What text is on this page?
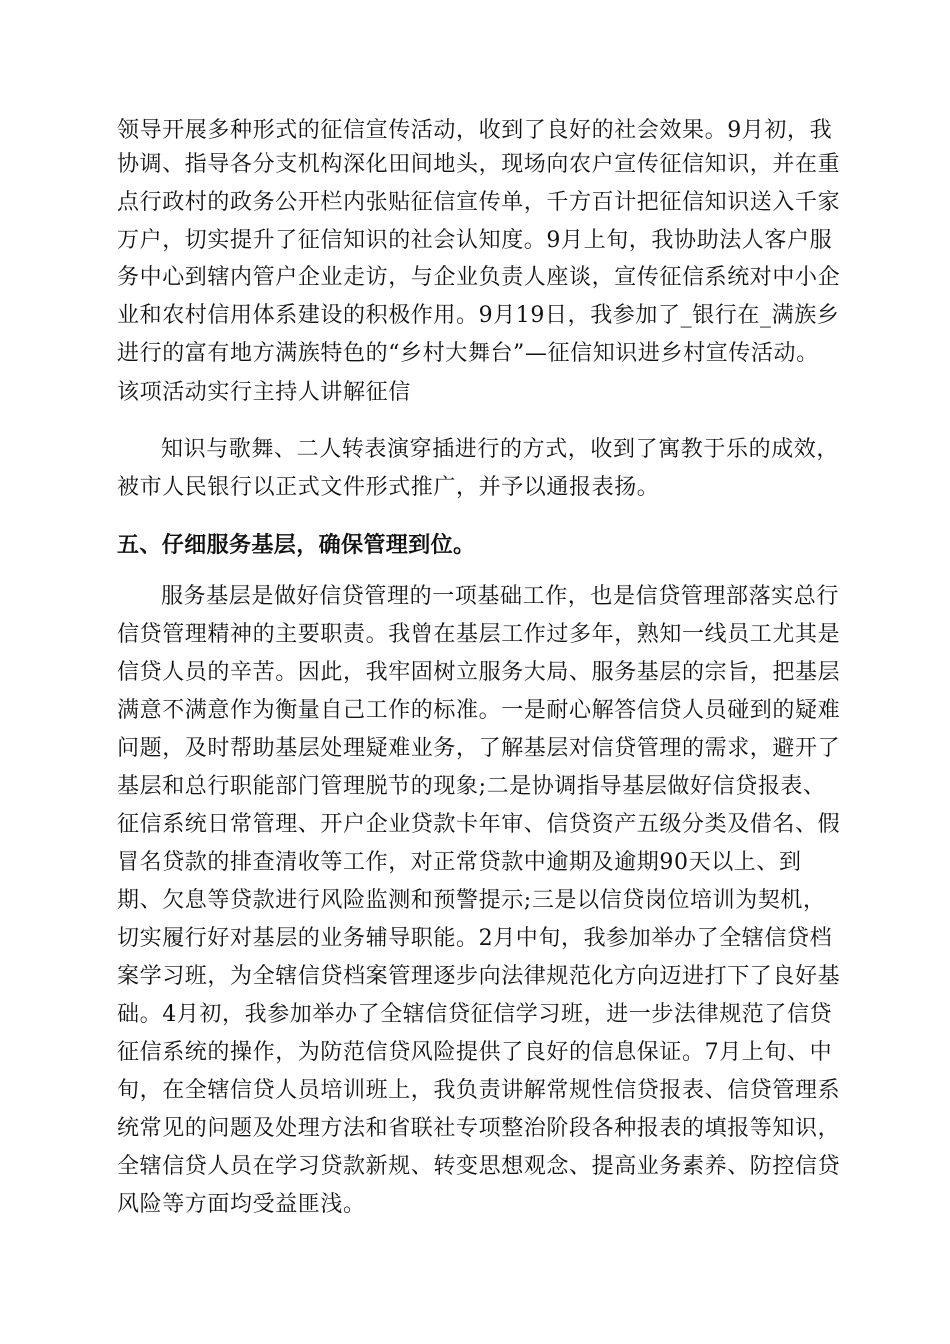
领导开展多种形式的征信宣传活动，收到了良好的社会效果。9月初，我
协调、指导各分支机构深化田间地头，现场向农户宣传征信知识，并在重
点行政村的政务公开栏内张贴征信宣传单，千方百计把征信知识送入千家
万户，切实提升了征信知识的社会认知度。9月上旬，我协助法人客户服
务中心到辖内管户企业走访，与企业负责人座谈，宣传征信系统对中小企
业和农村信用体系建设的积极作用。9月19日，我参加了_银行在_满族乡
进行的富有地方满族特色的“乡村大舞台”—征信知识进乡村宣传活动。
该项活动实行主持人讲解征信
知识与歌舞、二人转表演穿插进行的方式，收到了寓教于乐的成效，
被市人民银行以正式文件形式推广，并予以通报表扬。
五、仔细服务基层，确保管理到位。
服务基层是做好信贷管理的一项基础工作，也是信贷管理部落实总行
信贷管理精神的主要职责。我曾在基层工作过多年，熟知一线员工尤其是
信贷人员的辛苦。因此，我牢固树立服务大局、服务基层的宗旨，把基层
满意不满意作为衡量自己工作的标准。一是耐心解答信贷人员碰到的疑难
问题，及时帮助基层处理疑难业务，了解基层对信贷管理的需求，避开了
基层和总行职能部门管理脱节的现象;二是协调指导基层做好信贷报表、
征信系统日常管理、开户企业贷款卡年审、信贷资产五级分类及借名、假
冒名贷款的排查清收等工作，对正常贷款中逾期及逾期90天以上、到
期、欠息等贷款进行风险监测和预警提示;三是以信贷岗位培训为契机，
切实履行好对基层的业务辅导职能。2月中旬，我参加举办了全辖信贷档
案学习班，为全辖信贷档案管理逐步向法律规范化方向迈进打下了良好基
础。4月初，我参加举办了全辖信贷征信学习班，进一步法律规范了信贷
征信系统的操作，为防范信贷风险提供了良好的信息保证。7月上旬、中
旬，在全辖信贷人员培训班上，我负责讲解常规性信贷报表、信贷管理系
统常见的问题及处理方法和省联社专项整治阶段各种报表的填报等知识，
全辖信贷人员在学习贷款新规、转变思想观念、提高业务素养、防控信贷
风险等方面均受益匪浅。
